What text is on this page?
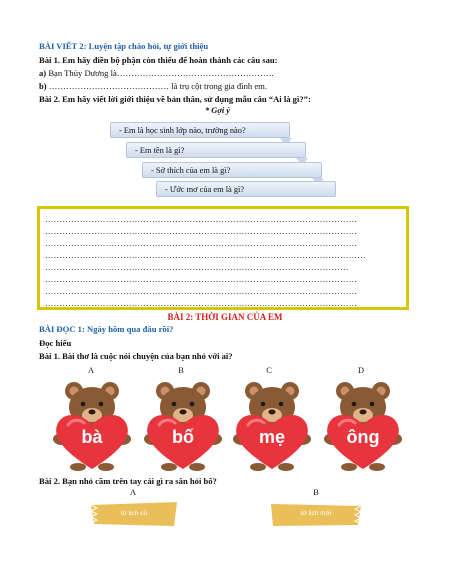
BÀI VIẾT 2: Luyện tập chào hỏi, tự giới thiệu
Bài 1. Em hãy điền bộ phận còn thiếu để hoàn thành các câu sau:
a) Bạn Thùy Dương là……………………………………………….
b) …………………………………… là trụ cột trong gia đình em.
Bài 2. Em hãy viết lời giới thiệu về bản thân, sử dụng mẫu câu “Ai là gì?”:
* Gợi ý
- Em là học sinh lớp nào, trường nào?
- Em tên là gì?
- Sở thích của em là gì?
- Ước mơ của em là gì?
………………………………………………………………………………………………
………………………………………………………………………………………………
………………………………………………………………………………………………
…………………………………………………………………………………………………
……………………………………………………………………………………………
………………………………………………………………………………………………
………………………………………………………………………………………………
………………………………………………………………………………………………
BÀI 2: THỜI GIAN CỦA EM
BÀI ĐỌC 1: Ngày hôm qua đâu rồi?
Đọc hiểu
Bài 1. Bài thơ là cuộc nói chuyện của bạn nhỏ với ai?
A	B	C	D
bà	bố	mẹ	ông
Bài 2. Bạn nhỏ cầm trên tay cái gì ra sân hỏi bố?
A	B
tờ lịch cũ	tờ lịch mới
